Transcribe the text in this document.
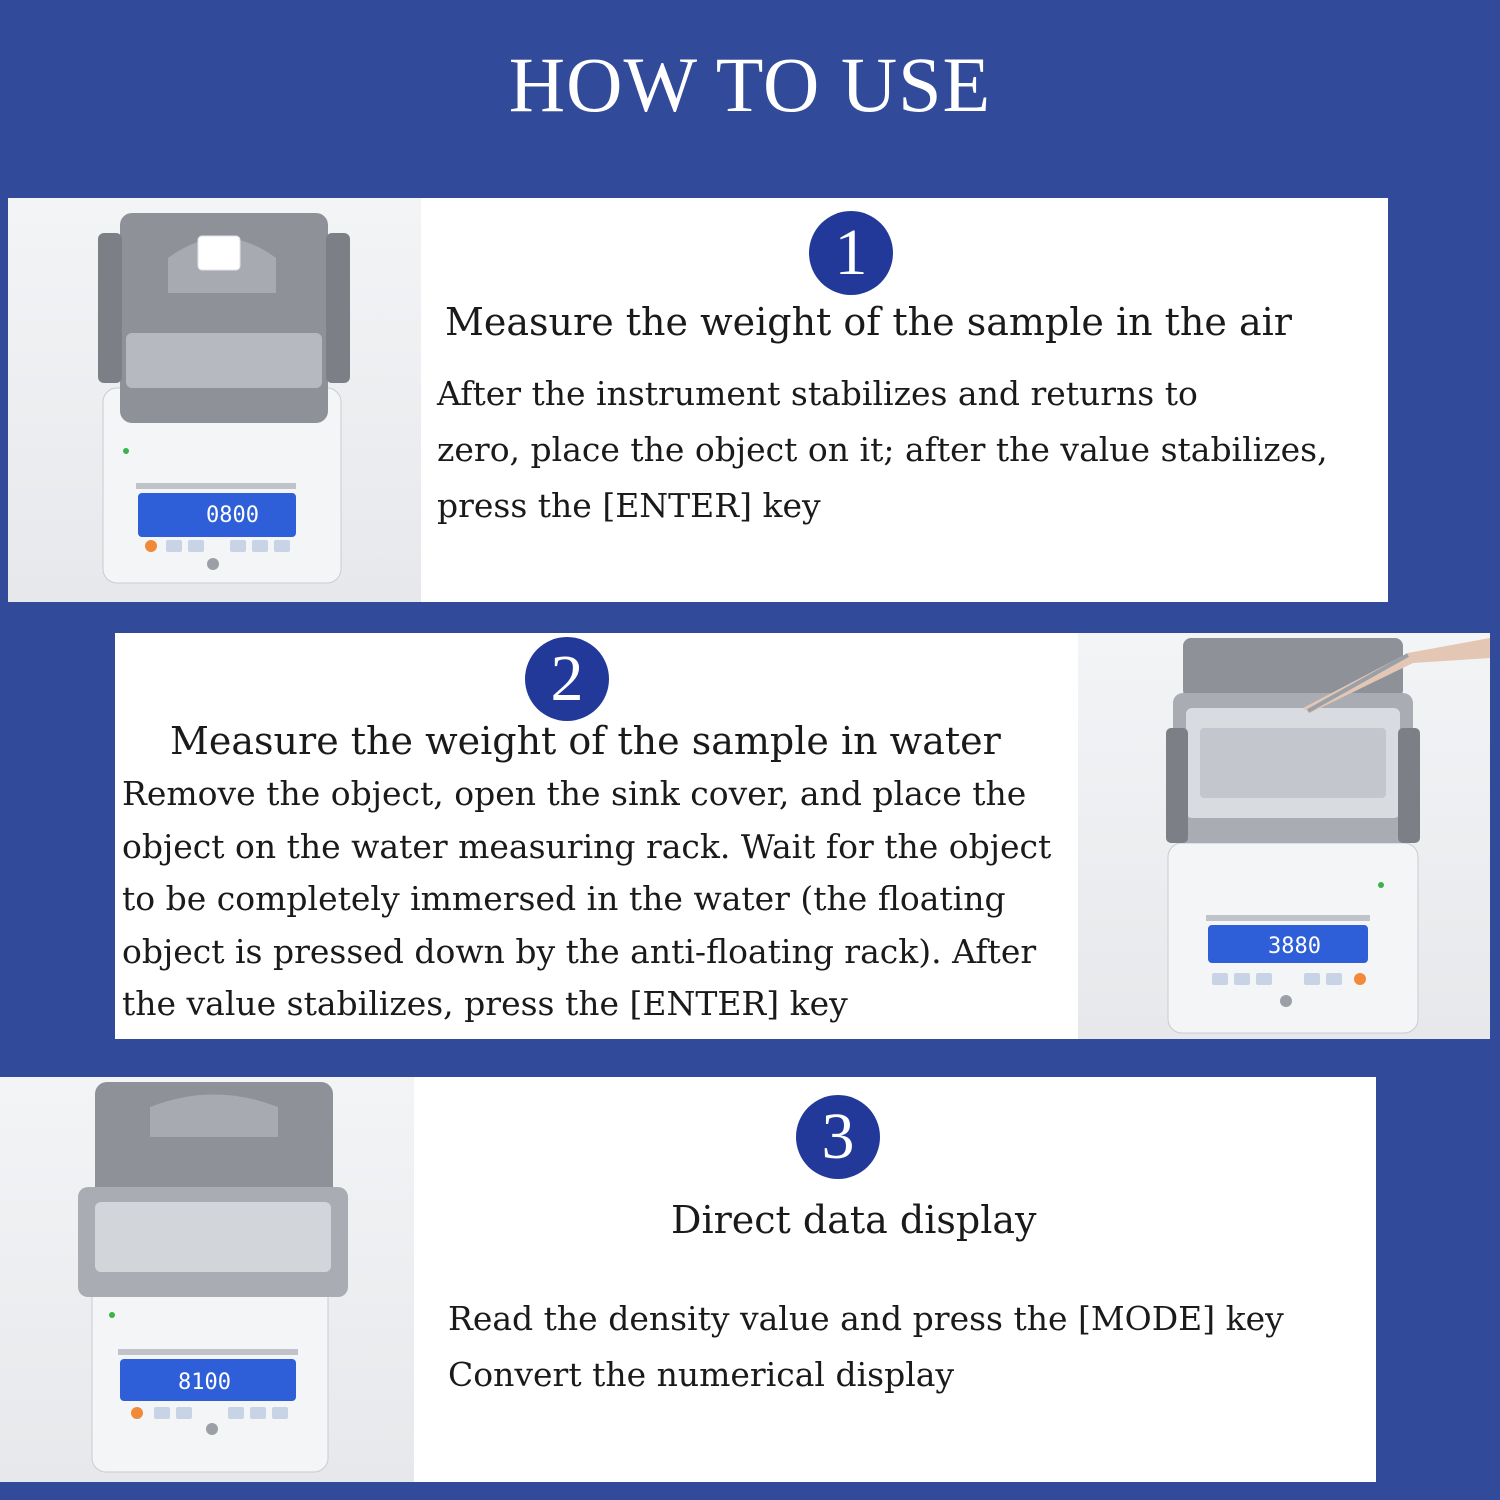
HOW TO USE
0800
1
Measure the weight of the sample in the air
After the instrument stabilizes and returns to
zero, place the object on it; after the value stabilizes,
press the [ENTER] key
3880
2
Measure the weight of the sample in water
Remove the object, open the sink cover, and place the
object on the water measuring rack. Wait for the object
to be completely immersed in the water (the floating
object is pressed down by the anti-floating rack). After
the value stabilizes, press the [ENTER] key
8100
3
Direct data display
Read the density value and press the [MODE] key
Convert the numerical display
